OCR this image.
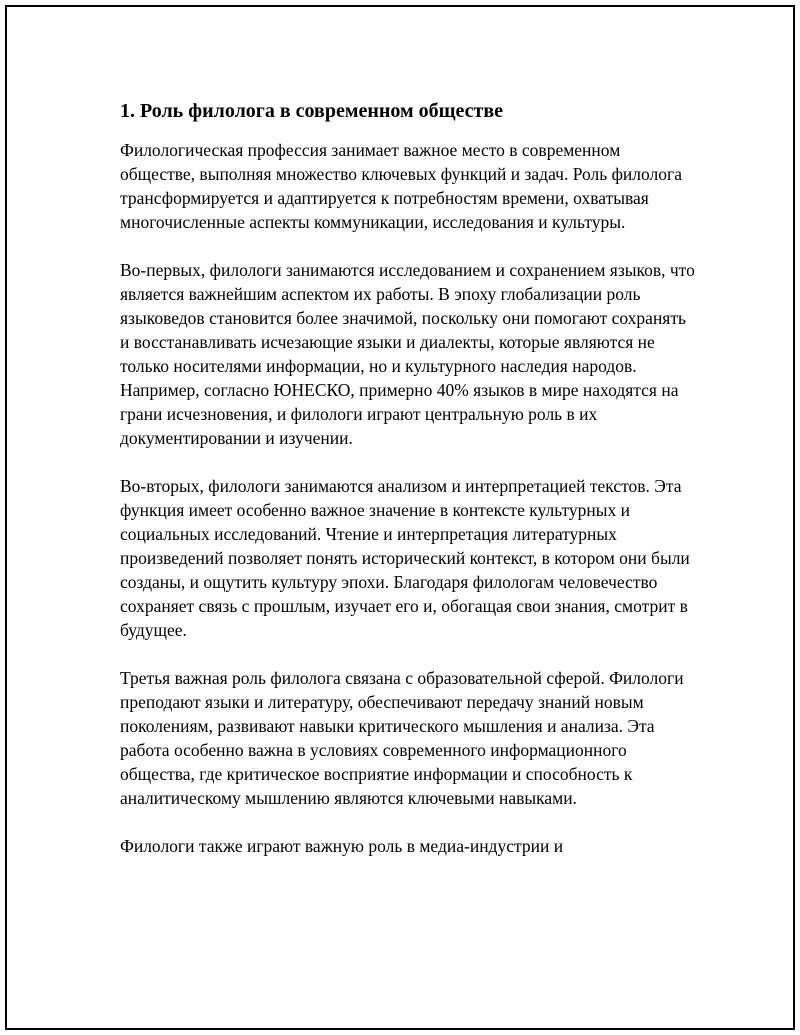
1. Роль филолога в современном обществе

Филологическая профессия занимает важное место в современном обществе, выполняя множество ключевых функций и задач. Роль филолога трансформируется и адаптируется к потребностям времени, охватывая многочисленные аспекты коммуникации, исследования и культуры.

Во-первых, филологи занимаются исследованием и сохранением языков, что является важнейшим аспектом их работы. В эпоху глобализации роль языковедов становится более значимой, поскольку они помогают сохранять и восстанавливать исчезающие языки и диалекты, которые являются не только носителями информации, но и культурного наследия народов. Например, согласно ЮНЕСКО, примерно 40% языков в мире находятся на грани исчезновения, и филологи играют центральную роль в их документировании и изучении.

Во-вторых, филологи занимаются анализом и интерпретацией текстов. Эта функция имеет особенно важное значение в контексте культурных и социальных исследований. Чтение и интерпретация литературных произведений позволяет понять исторический контекст, в котором они были созданы, и ощутить культуру эпохи. Благодаря филологам человечество сохраняет связь с прошлым, изучает его и, обогащая свои знания, смотрит в будущее.

Третья важная роль филолога связана с образовательной сферой. Филологи преподают языки и литературу, обеспечивают передачу знаний новым поколениям, развивают навыки критического мышления и анализа. Эта работа особенно важна в условиях современного информационного общества, где критическое восприятие информации и способность к аналитическому мышлению являются ключевыми навыками.

Филологи также играют важную роль в медиа-индустрии и
